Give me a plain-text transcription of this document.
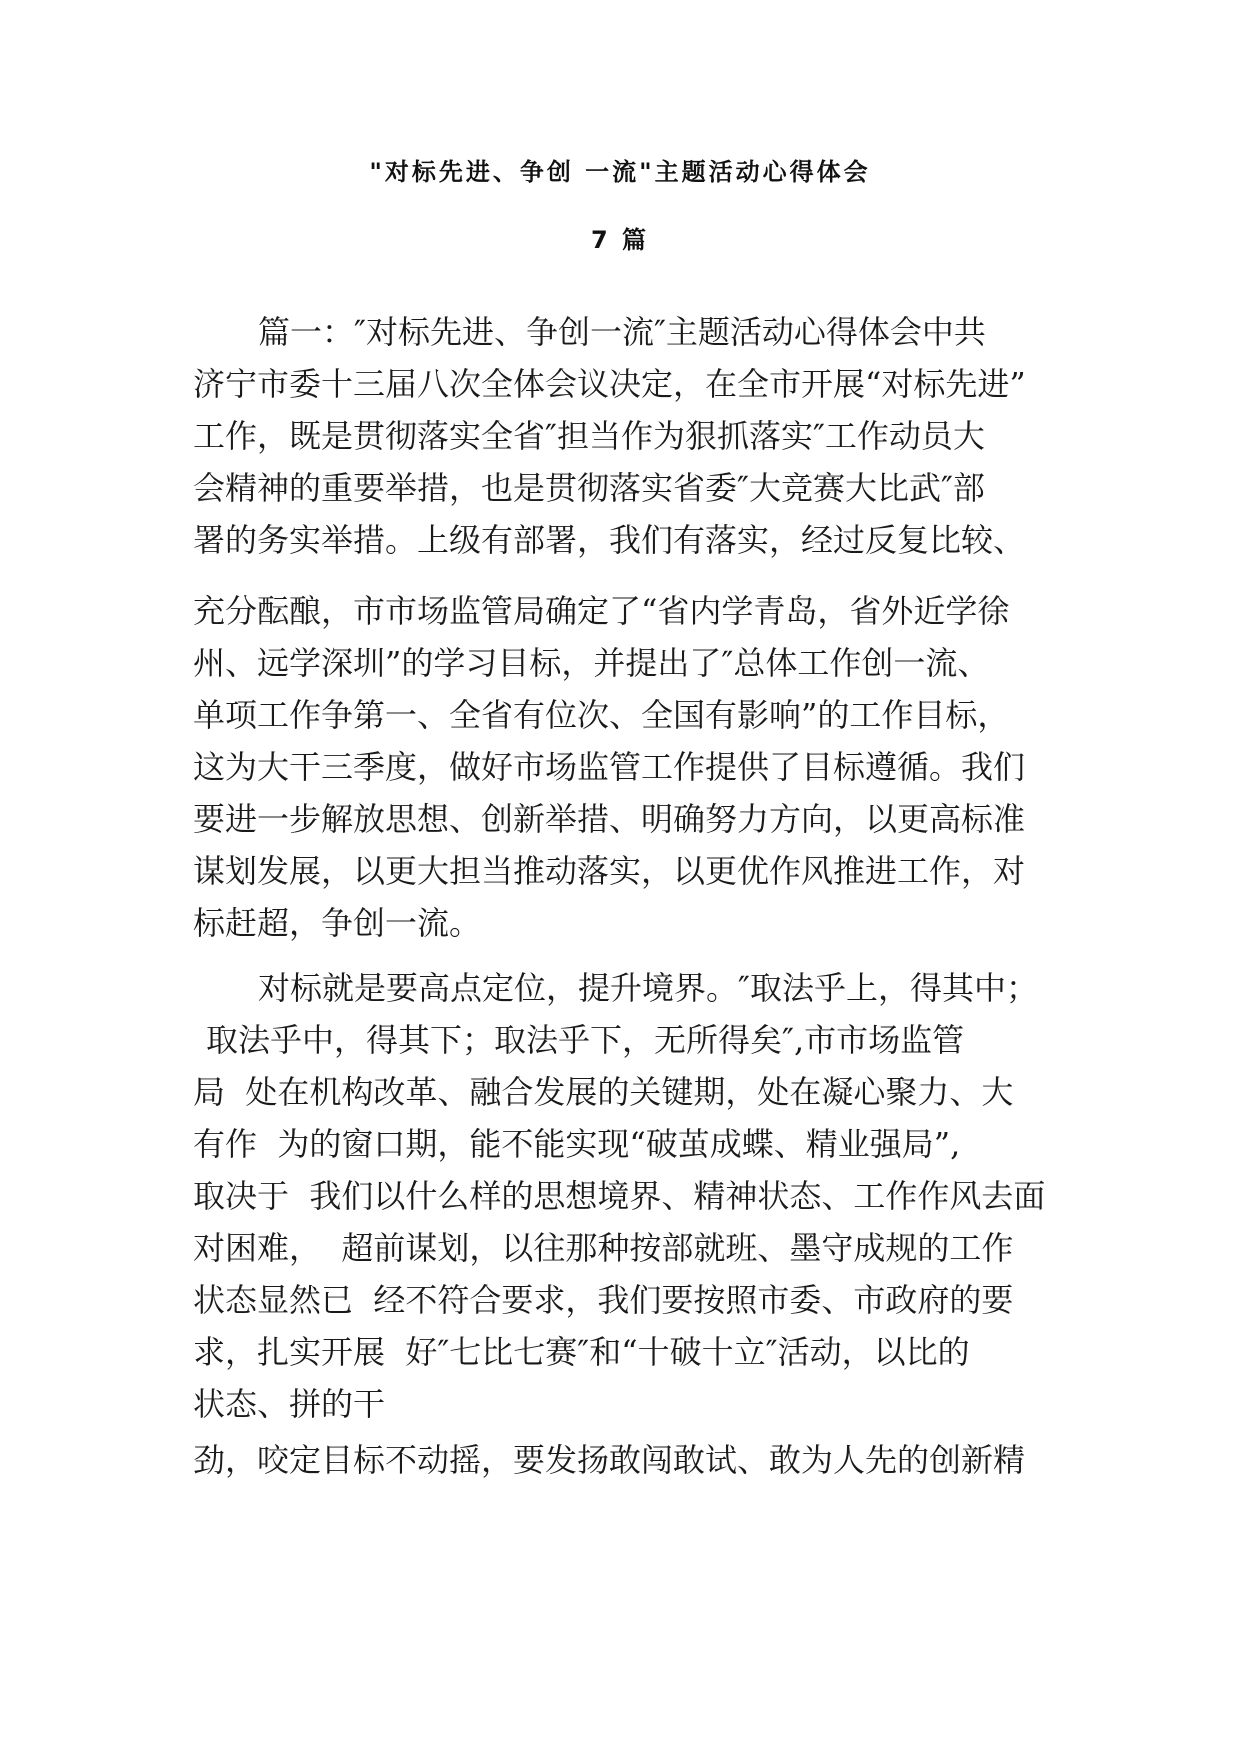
"对标先进、争创 一流"主题活动心得体会
7 篇
篇一：″对标先进、争创一流″主题活动心得体会中共
济宁市委十三届八次全体会议决定，在全市开展“对标先进”
工作，既是贯彻落实全省″担当作为狠抓落实″工作动员大
会精神的重要举措，也是贯彻落实省委″大竞赛大比武″部
署的务实举措。上级有部署，我们有落实，经过反复比较、
充分酝酿，市市场监管局确定了“省内学青岛，省外近学徐
州、远学深圳”的学习目标，并提出了″总体工作创一流、
单项工作争第一、全省有位次、全国有影响”的工作目标，
这为大干三季度，做好市场监管工作提供了目标遵循。我们
要进一步解放思想、创新举措、明确努力方向，以更高标准
谋划发展，以更大担当推动落实，以更优作风推进工作，对
标赶超，争创一流。
对标就是要高点定位，提升境界。″取法乎上，得其中；
取法乎中，得其下；取法乎下，无所得矣″,市市场监管
局  处在机构改革、融合发展的关键期，处在凝心聚力、大
有作  为的窗口期，能不能实现“破茧成蝶、精业强局”,
取决于  我们以什么样的思想境界、精神状态、工作作风去面
对困难，  超前谋划，以往那种按部就班、墨守成规的工作
状态显然已  经不符合要求，我们要按照市委、市政府的要
求，扎实开展  好″七比七赛″和“十破十立″活动，以比的
状态、拼的干
劲，咬定目标不动摇，要发扬敢闯敢试、敢为人先的创新精
